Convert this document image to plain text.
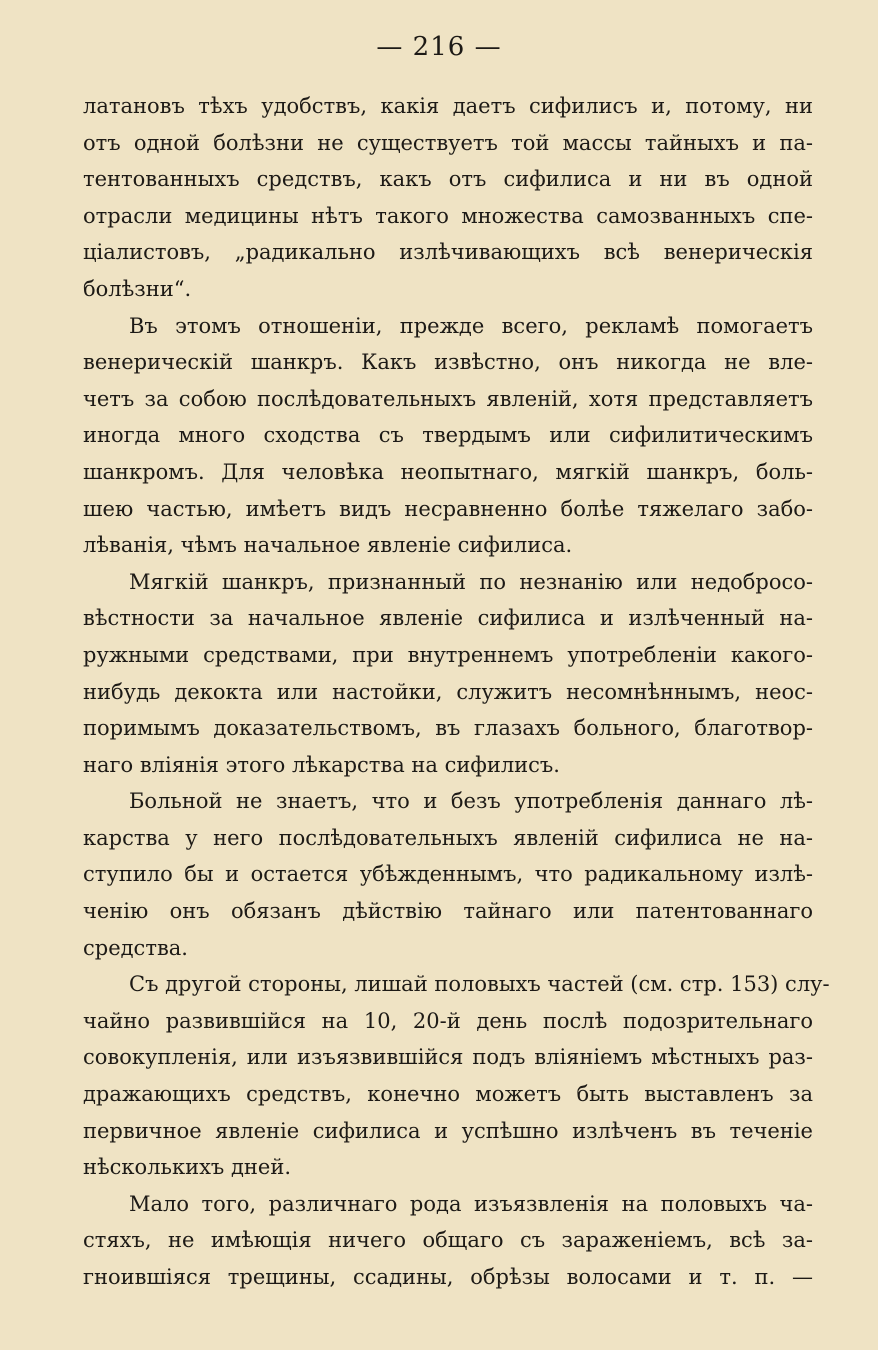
— 216 —
латановъ тѣхъ удобствъ, какія даетъ сифилисъ и, потому, ни
отъ одной болѣзни не существуетъ той массы тайныхъ и па-
тентованныхъ средствъ, какъ отъ сифилиса и ни въ одной
отрасли медицины нѣтъ такого множества самозванныхъ спе-
ціалистовъ, „радикально излѣчивающихъ всѣ венерическія
болѣзни“.
Въ этомъ отношеніи, прежде всего, рекламѣ помогаетъ
венерическій шанкръ. Какъ извѣстно, онъ никогда не вле-
четъ за собою послѣдовательныхъ явленій, хотя представляетъ
иногда много сходства съ твердымъ или сифилитическимъ
шанкромъ. Для человѣка неопытнаго, мягкій шанкръ, бoль-
шею частью, имѣетъ видъ несравненно болѣе тяжелаго забо-
лѣванія, чѣмъ начальное явленіе сифилиса.
Мягкій шанкръ, признанный по незнанію или недобросо-
вѣстности за начальное явленіе сифилиса и излѣченный на-
ружными средствами, при внутреннемъ употребленіи какого-
нибудь декокта или настойки, служитъ несомнѣннымъ, неос-
поримымъ доказательствомъ, въ глазахъ больного, благотвор-
наго вліянія этого лѣкарства на сифилисъ.
Больной не знаетъ, что и безъ употребленія даннаго лѣ-
карства у него послѣдовательныхъ явленій сифилиса не на-
ступило бы и остается убѣжденнымъ, что радикальному излѣ-
ченію онъ обязанъ дѣйствію тайнаго или патентованнаго
средства.
Съ другой стороны, лишай половыхъ частей (см. стр. 153) слу-
чайно развившійся на 10, 20-й день послѣ подозрительнаго
совокупленія, или изъязвившійся подъ вліяніемъ мѣстныхъ раз-
дражающихъ средствъ, конечно можетъ быть выставленъ за
первичное явленіе сифилиса и успѣшно излѣченъ въ теченіе
нѣсколькихъ дней.
Мало того, различнаго рода изъязвленія на половыхъ ча-
стяхъ, не имѣющія ничего общаго съ зараженіемъ, всѣ за-
гноившіяся трещины, ссадины, обрѣзы волосами и т. п. —
